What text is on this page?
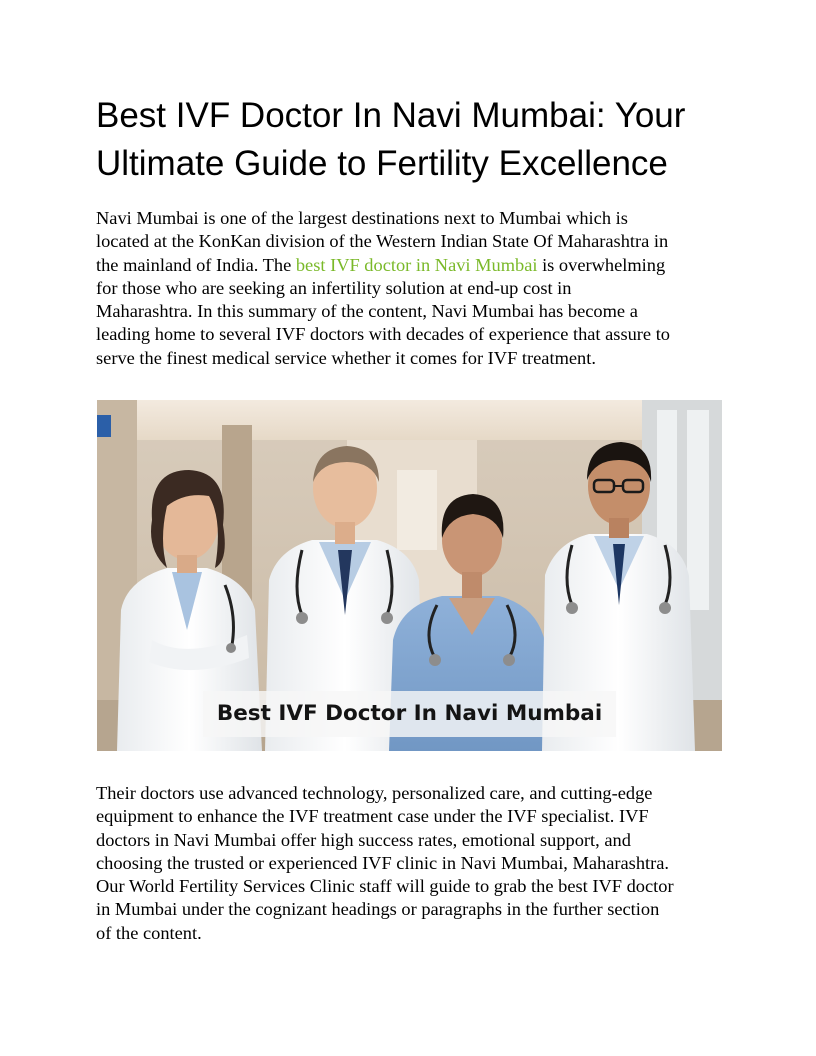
Best IVF Doctor In Navi Mumbai: Your
Ultimate Guide to Fertility Excellence

Navi Mumbai is one of the largest destinations next to Mumbai which is
located at the KonKan division of the Western Indian State Of Maharashtra in
the mainland of India. The best IVF doctor in Navi Mumbai is overwhelming
for those who are seeking an infertility solution at end-up cost in
Maharashtra. In this summary of the content, Navi Mumbai has become a
leading home to several IVF doctors with decades of experience that assure to
serve the finest medical service whether it comes for IVF treatment.

Best IVF Doctor In Navi Mumbai

Their doctors use advanced technology, personalized care, and cutting-edge
equipment to enhance the IVF treatment case under the IVF specialist. IVF
doctors in Navi Mumbai offer high success rates, emotional support, and
choosing the trusted or experienced IVF clinic in Navi Mumbai, Maharashtra.
Our World Fertility Services Clinic staff will guide to grab the best IVF doctor
in Mumbai under the cognizant headings or paragraphs in the further section
of the content.
